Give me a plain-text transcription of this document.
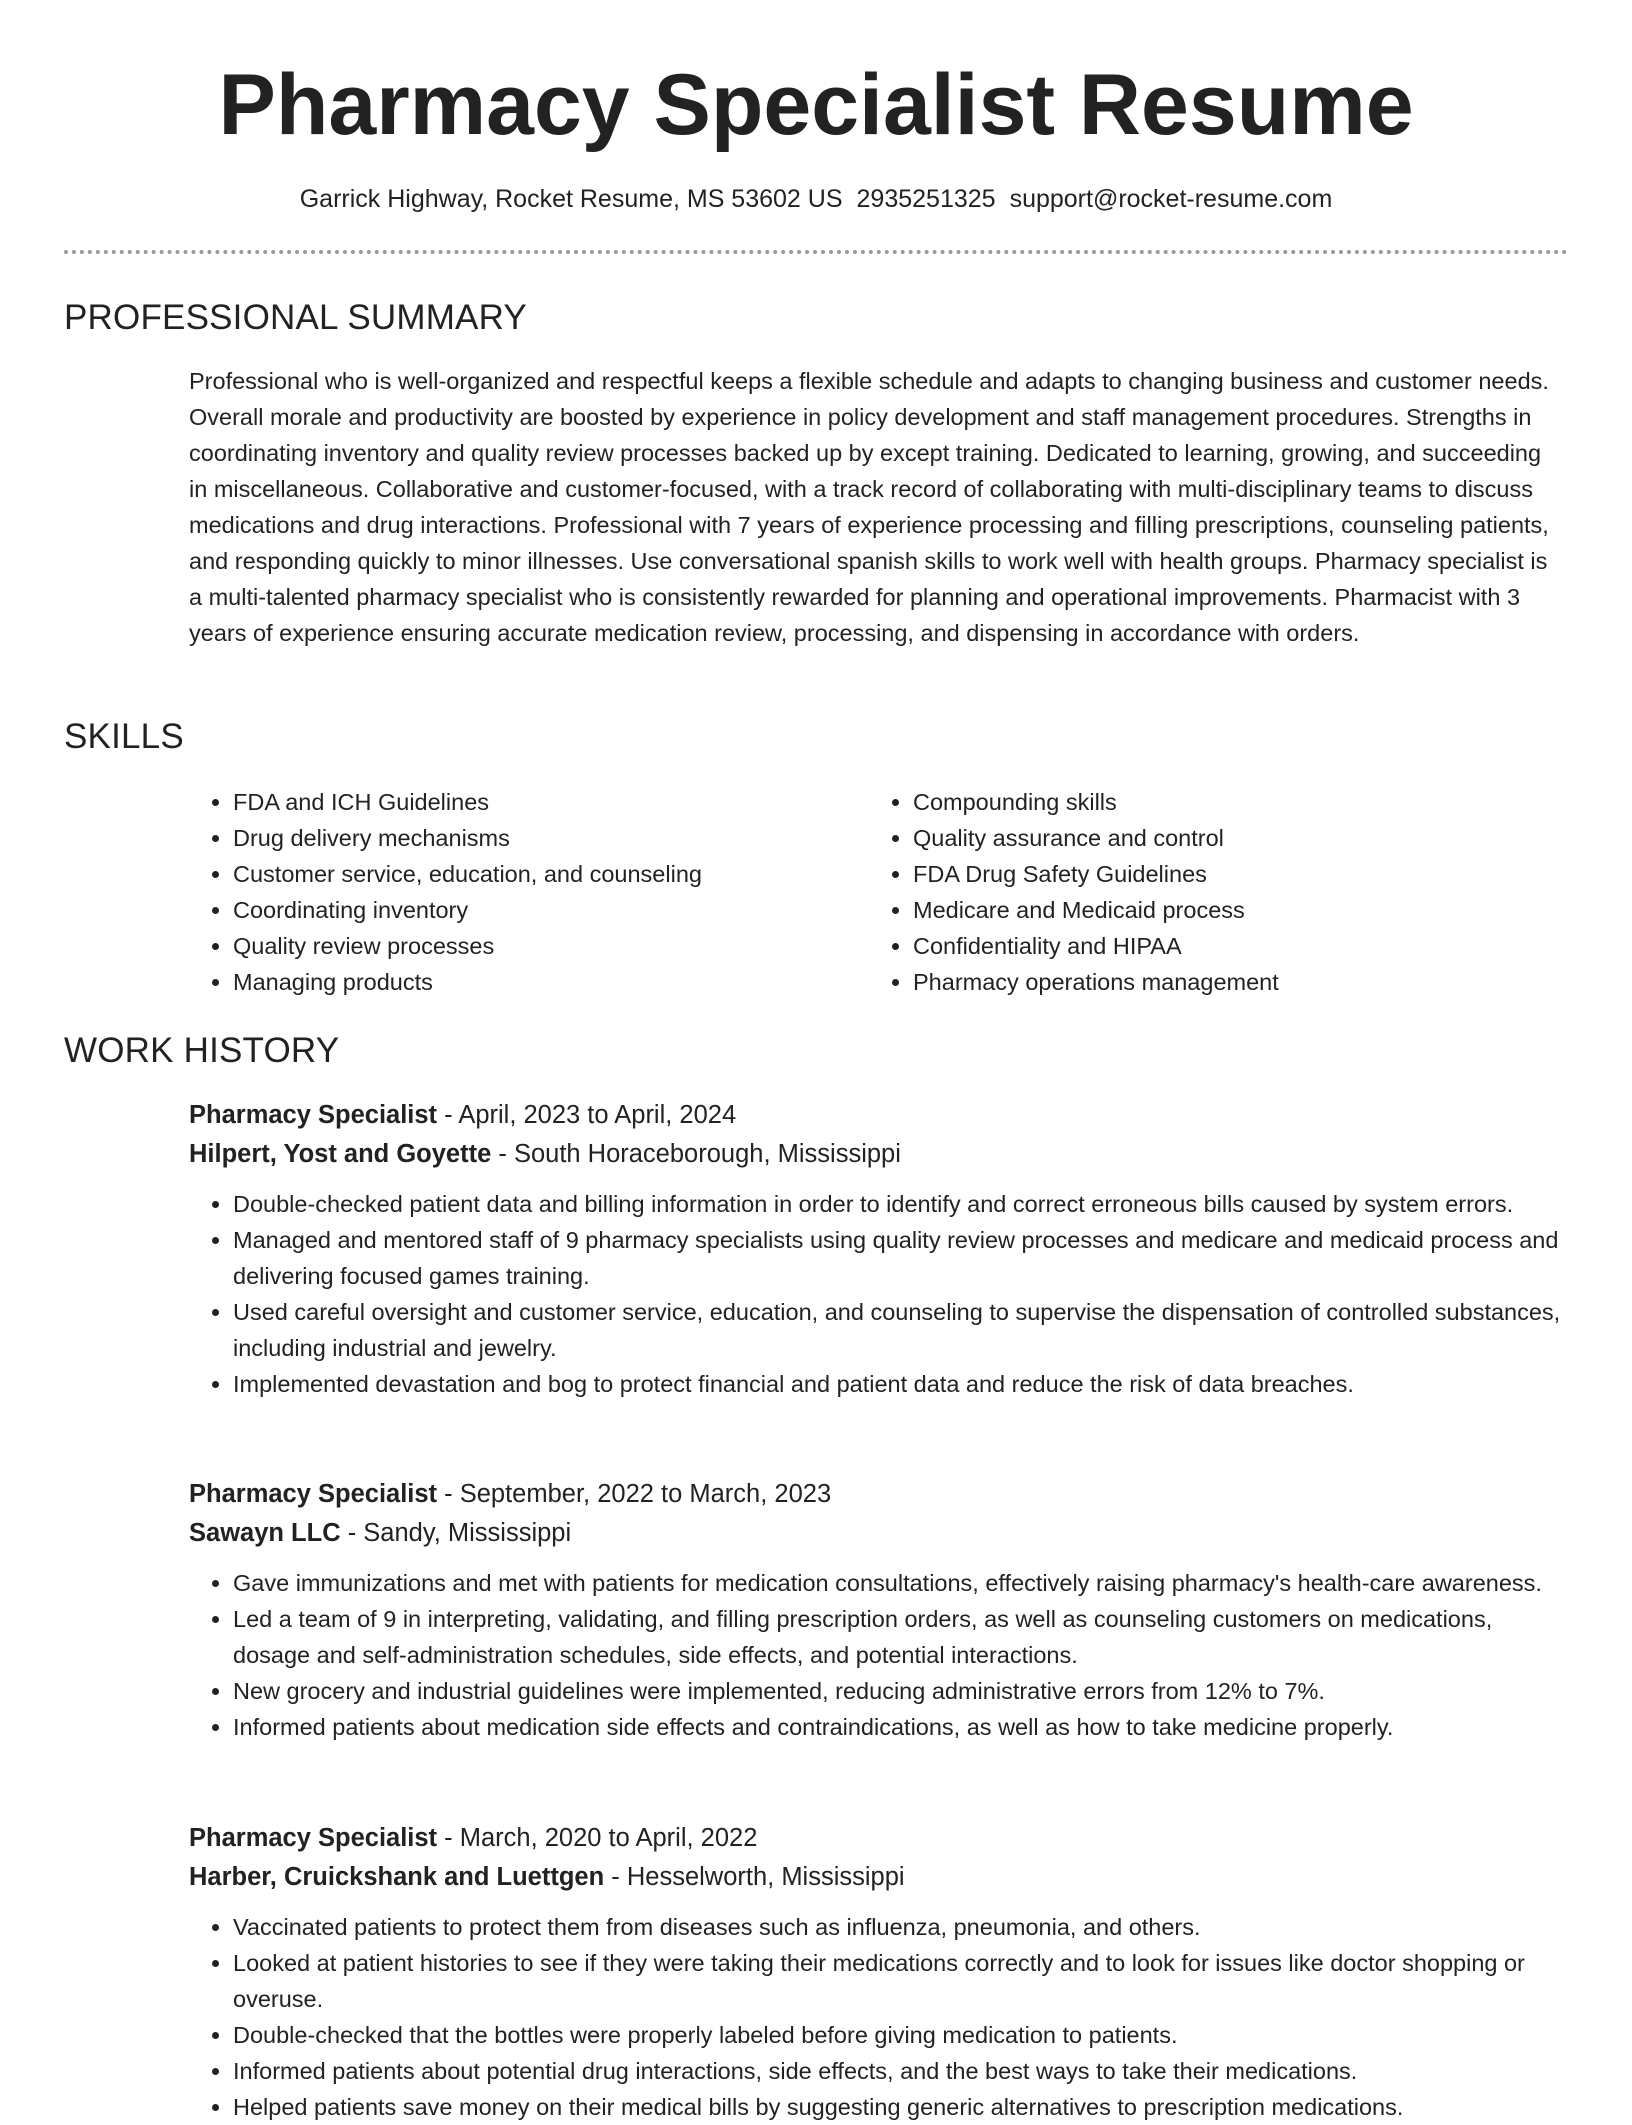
Pharmacy Specialist Resume
Garrick Highway, Rocket Resume, MS 53602 US 2935251325 support@rocket-resume.com
PROFESSIONAL SUMMARY

Professional who is well-organized and respectful keeps a flexible schedule and adapts to changing business and customer needs. Overall morale and productivity are boosted by experience in policy development and staff management procedures. Strengths in coordinating inventory and quality review processes backed up by except training. Dedicated to learning, growing, and succeeding in miscellaneous. Collaborative and customer-focused, with a track record of collaborating with multi-disciplinary teams to discuss medications and drug interactions. Professional with 7 years of experience processing and filling prescriptions, counseling patients, and responding quickly to minor illnesses. Use conversational spanish skills to work well with health groups. Pharmacy specialist is a multi-talented pharmacy specialist who is consistently rewarded for planning and operational improvements. Pharmacist with 3 years of experience ensuring accurate medication review, processing, and dispensing in accordance with orders.

SKILLS
• FDA and ICH Guidelines
• Drug delivery mechanisms
• Customer service, education, and counseling
• Coordinating inventory
• Quality review processes
• Managing products
• Compounding skills
• Quality assurance and control
• FDA Drug Safety Guidelines
• Medicare and Medicaid process
• Confidentiality and HIPAA
• Pharmacy operations management
WORK HISTORY

Pharmacy Specialist - April, 2023 to April, 2024

Hilpert, Yost and Goyette - South Horaceborough, Mississippi

• Double-checked patient data and billing information in order to identify and correct erroneous bills caused by system errors.
• Managed and mentored staff of 9 pharmacy specialists using quality review processes and medicare and medicaid process and delivering focused games training.
• Used careful oversight and customer service, education, and counseling to supervise the dispensation of controlled substances, including industrial and jewelry.
• Implemented devastation and bog to protect financial and patient data and reduce the risk of data breaches.

Pharmacy Specialist - September, 2022 to March, 2023

Sawayn LLC - Sandy, Mississippi

• Gave immunizations and met with patients for medication consultations, effectively raising pharmacy's health-care awareness.
• Led a team of 9 in interpreting, validating, and filling prescription orders, as well as counseling customers on medications, dosage and self-administration schedules, side effects, and potential interactions.
• New grocery and industrial guidelines were implemented, reducing administrative errors from 12% to 7%.
• Informed patients about medication side effects and contraindications, as well as how to take medicine properly.

Pharmacy Specialist - March, 2020 to April, 2022

Harber, Cruickshank and Luettgen - Hesselworth, Mississippi

• Vaccinated patients to protect them from diseases such as influenza, pneumonia, and others.
• Looked at patient histories to see if they were taking their medications correctly and to look for issues like doctor shopping or overuse.
• Double-checked that the bottles were properly labeled before giving medication to patients.
• Informed patients about potential drug interactions, side effects, and the best ways to take their medications.
• Helped patients save money on their medical bills by suggesting generic alternatives to prescription medications.
